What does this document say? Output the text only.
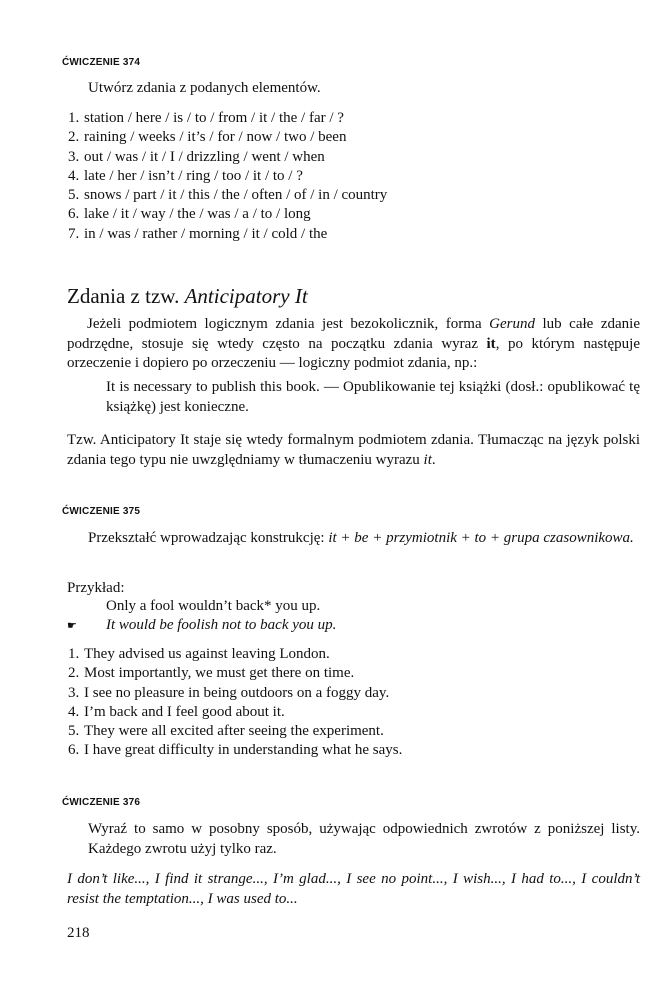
ĆWICZENIE 374
Utwórz zdania z podanych elementów.
1. station / here / is / to / from / it / the / far / ?
2. raining / weeks / it’s / for / now / two / been
3. out / was / it / I / drizzling / went / when
4. late / her / isn’t / ring / too / it / to / ?
5. snows / part / it / this / the / often / of / in / country
6. lake / it / way / the / was / a / to / long
7. in / was / rather / morning / it / cold / the
Zdania z tzw. Anticipatory It
Jeżeli podmiotem logicznym zdania jest bezokolicznik, forma Gerund lub całe zdanie podrzędne, stosuje się wtedy często na początku zdania wyraz it, po którym następuje orzeczenie i dopiero po orzeczeniu — logiczny podmiot zdania, np.:
It is necessary to publish this book. — Opublikowanie tej książki (dosł.: opublikować tę książkę) jest konieczne.
Tzw. Anticipatory It staje się wtedy formalnym podmiotem zdania. Tłumacząc na język polski zdania tego typu nie uwzględniamy w tłumaczeniu wyrazu it.
ĆWICZENIE 375
Przekształć wprowadzając konstrukcję: it + be + przymiotnik + to + grupa czasownikowa.
Przykład:
Only a fool wouldn’t back* you up.
☛ It would be foolish not to back you up.
1. They advised us against leaving London.
2. Most importantly, we must get there on time.
3. I see no pleasure in being outdoors on a foggy day.
4. I’m back and I feel good about it.
5. They were all excited after seeing the experiment.
6. I have great difficulty in understanding what he says.
ĆWICZENIE 376
Wyraź to samo w posobny sposób, używając odpowiednich zwrotów z poniższej listy. Każdego zwrotu użyj tylko raz.
I don’t like..., I find it strange..., I’m glad..., I see no point..., I wish..., I had to..., I couldn’t resist the temptation..., I was used to...
218
